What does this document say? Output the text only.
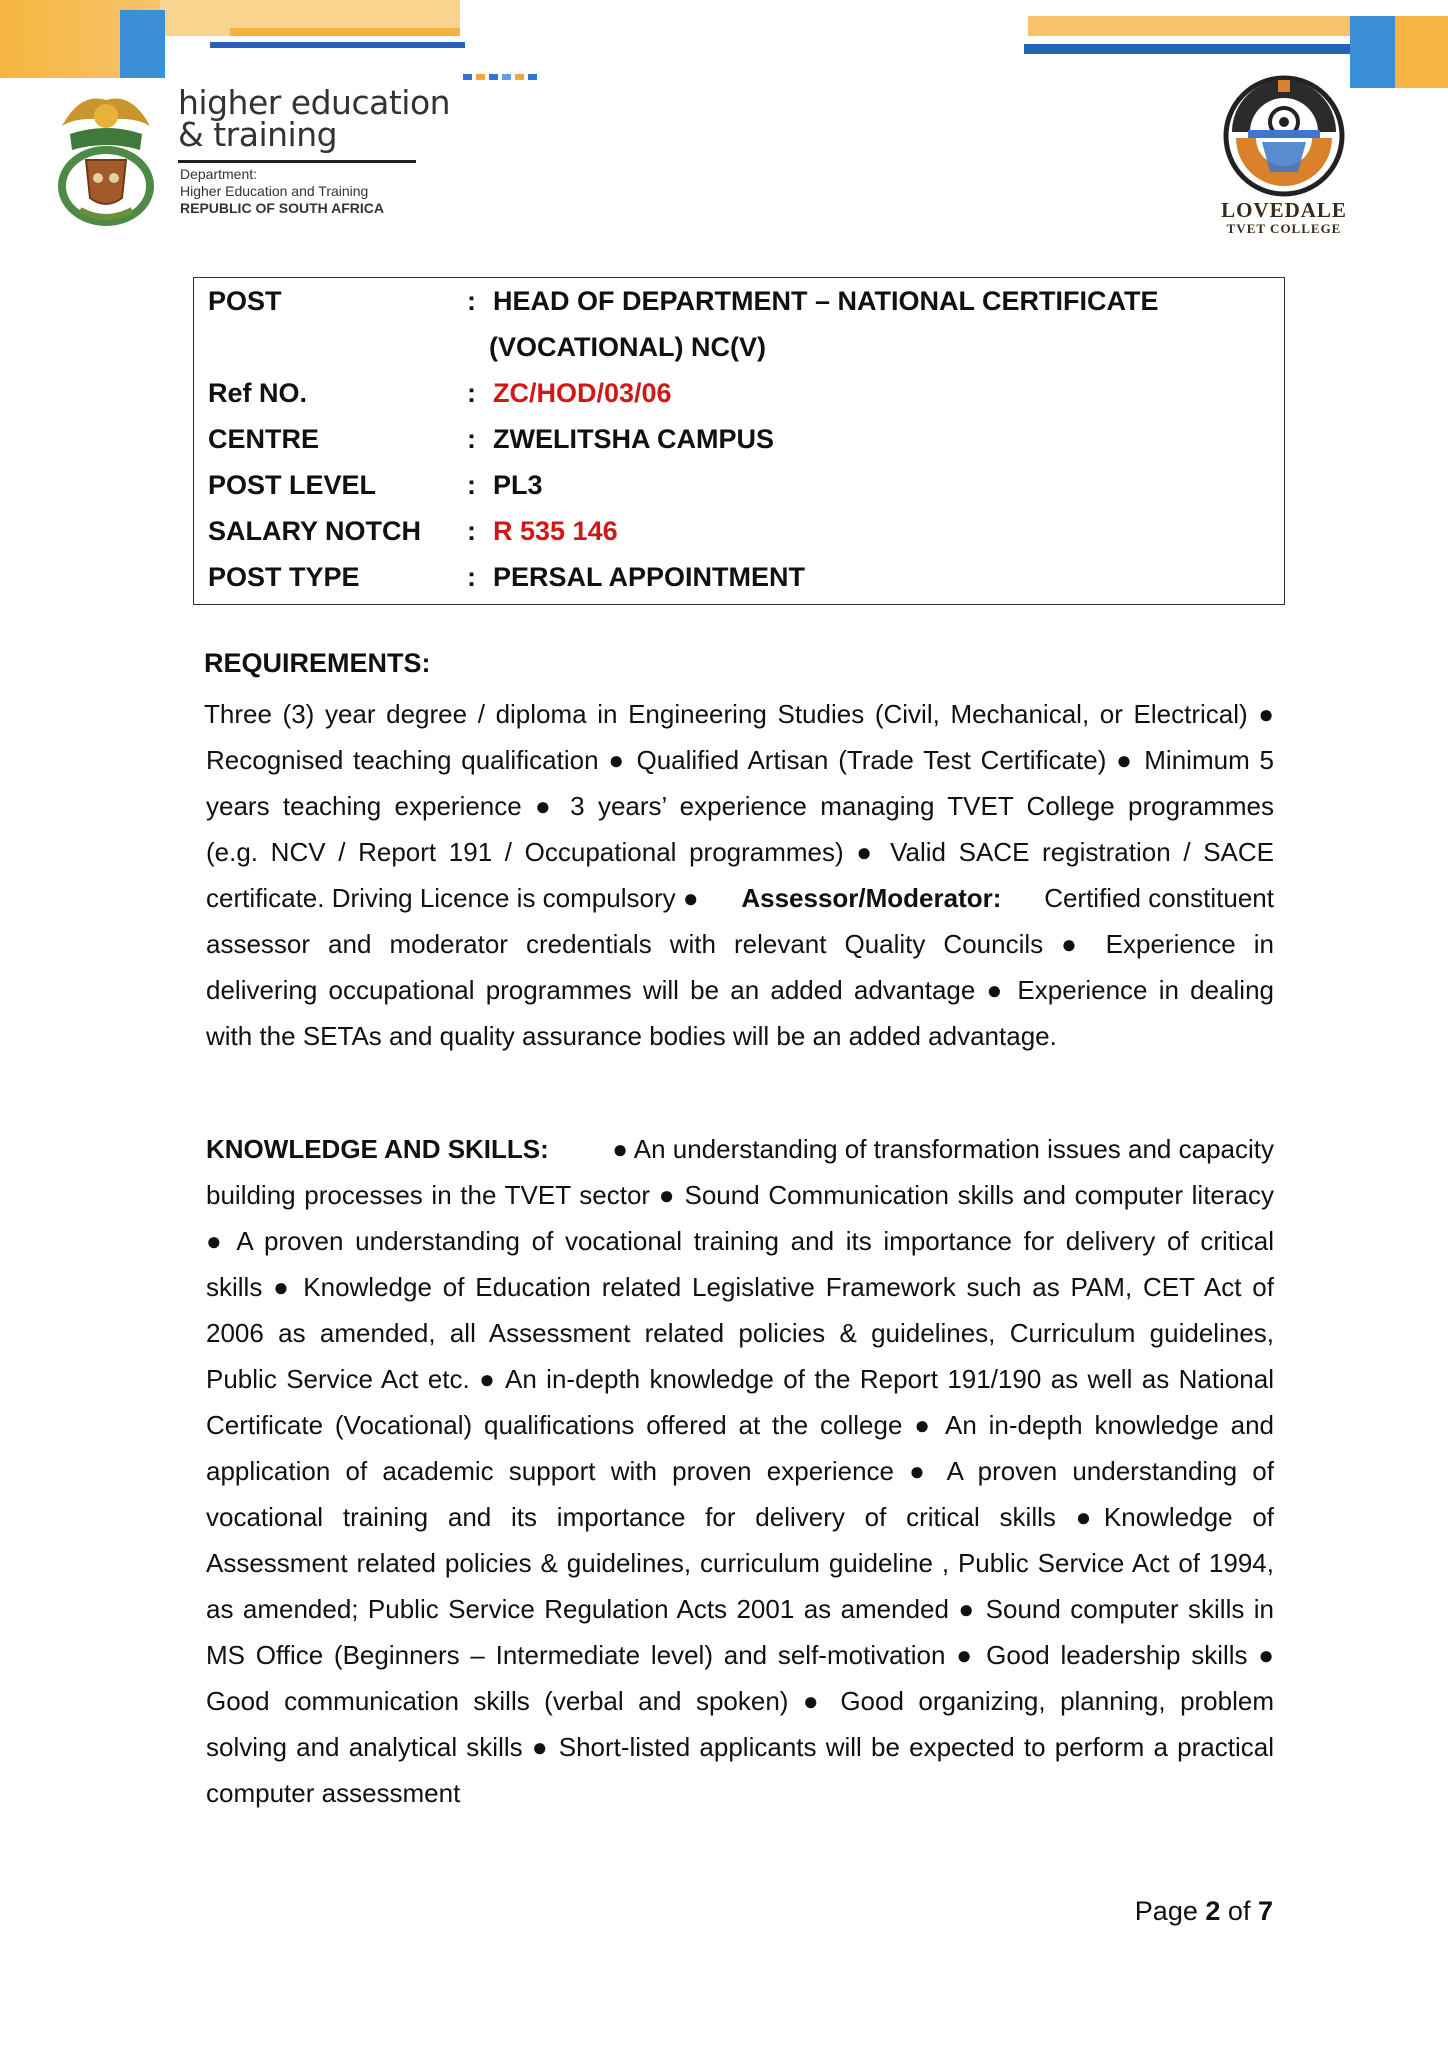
higher education
& training
Department:
Higher Education and Training
REPUBLIC OF SOUTH AFRICA	LOVEDALE
TVET COLLEGE
POST	: HEAD OF DEPARTMENT – NATIONAL CERTIFICATE
(VOCATIONAL) NC(V)
Ref NO.	: ZC/HOD/03/06
CENTRE	: ZWELITSHA CAMPUS
POST LEVEL	: PL3
SALARY NOTCH : R 535 146
POST TYPE	: PERSAL APPOINTMENT
REQUIREMENTS:
Three (3) year degree / diploma in Engineering Studies (Civil, Mechanical, or Electrical) ●
Recognised teaching qualification ● Qualified Artisan (Trade Test Certificate) ● Minimum 5
years teaching experience ● 3 years’ experience managing TVET College programmes
(e.g. NCV / Report 191 / Occupational programmes) ● Valid SACE registration / SACE
certificate. Driving Licence is compulsory ● Assessor/Moderator: Certified constituent
assessor and moderator credentials with relevant Quality Councils ● Experience in
delivering occupational programmes will be an added advantage ● Experience in dealing
with the SETAs and quality assurance bodies will be an added advantage.
KNOWLEDGE AND SKILLS: ● An understanding of transformation issues and capacity
building processes in the TVET sector ● Sound Communication skills and computer literacy
● A proven understanding of vocational training and its importance for delivery of critical
skills ● Knowledge of Education related Legislative Framework such as PAM, CET Act of
2006 as amended, all Assessment related policies & guidelines, Curriculum guidelines,
Public Service Act etc. ● An in-depth knowledge of the Report 191/190 as well as National
Certificate (Vocational) qualifications offered at the college ● An in-depth knowledge and
application of academic support with proven experience ● A proven understanding of
vocational training and its importance for delivery of critical skills ●Knowledge of
Assessment related policies & guidelines, curriculum guideline , Public Service Act of 1994,
as amended; Public Service Regulation Acts 2001 as amended ● Sound computer skills in
MS Office (Beginners – Intermediate level) and self-motivation ● Good leadership skills ●
Good communication skills (verbal and spoken) ● Good organizing, planning, problem
solving and analytical skills ● Short-listed applicants will be expected to perform a practical
computer assessment
Page 2 of 7
